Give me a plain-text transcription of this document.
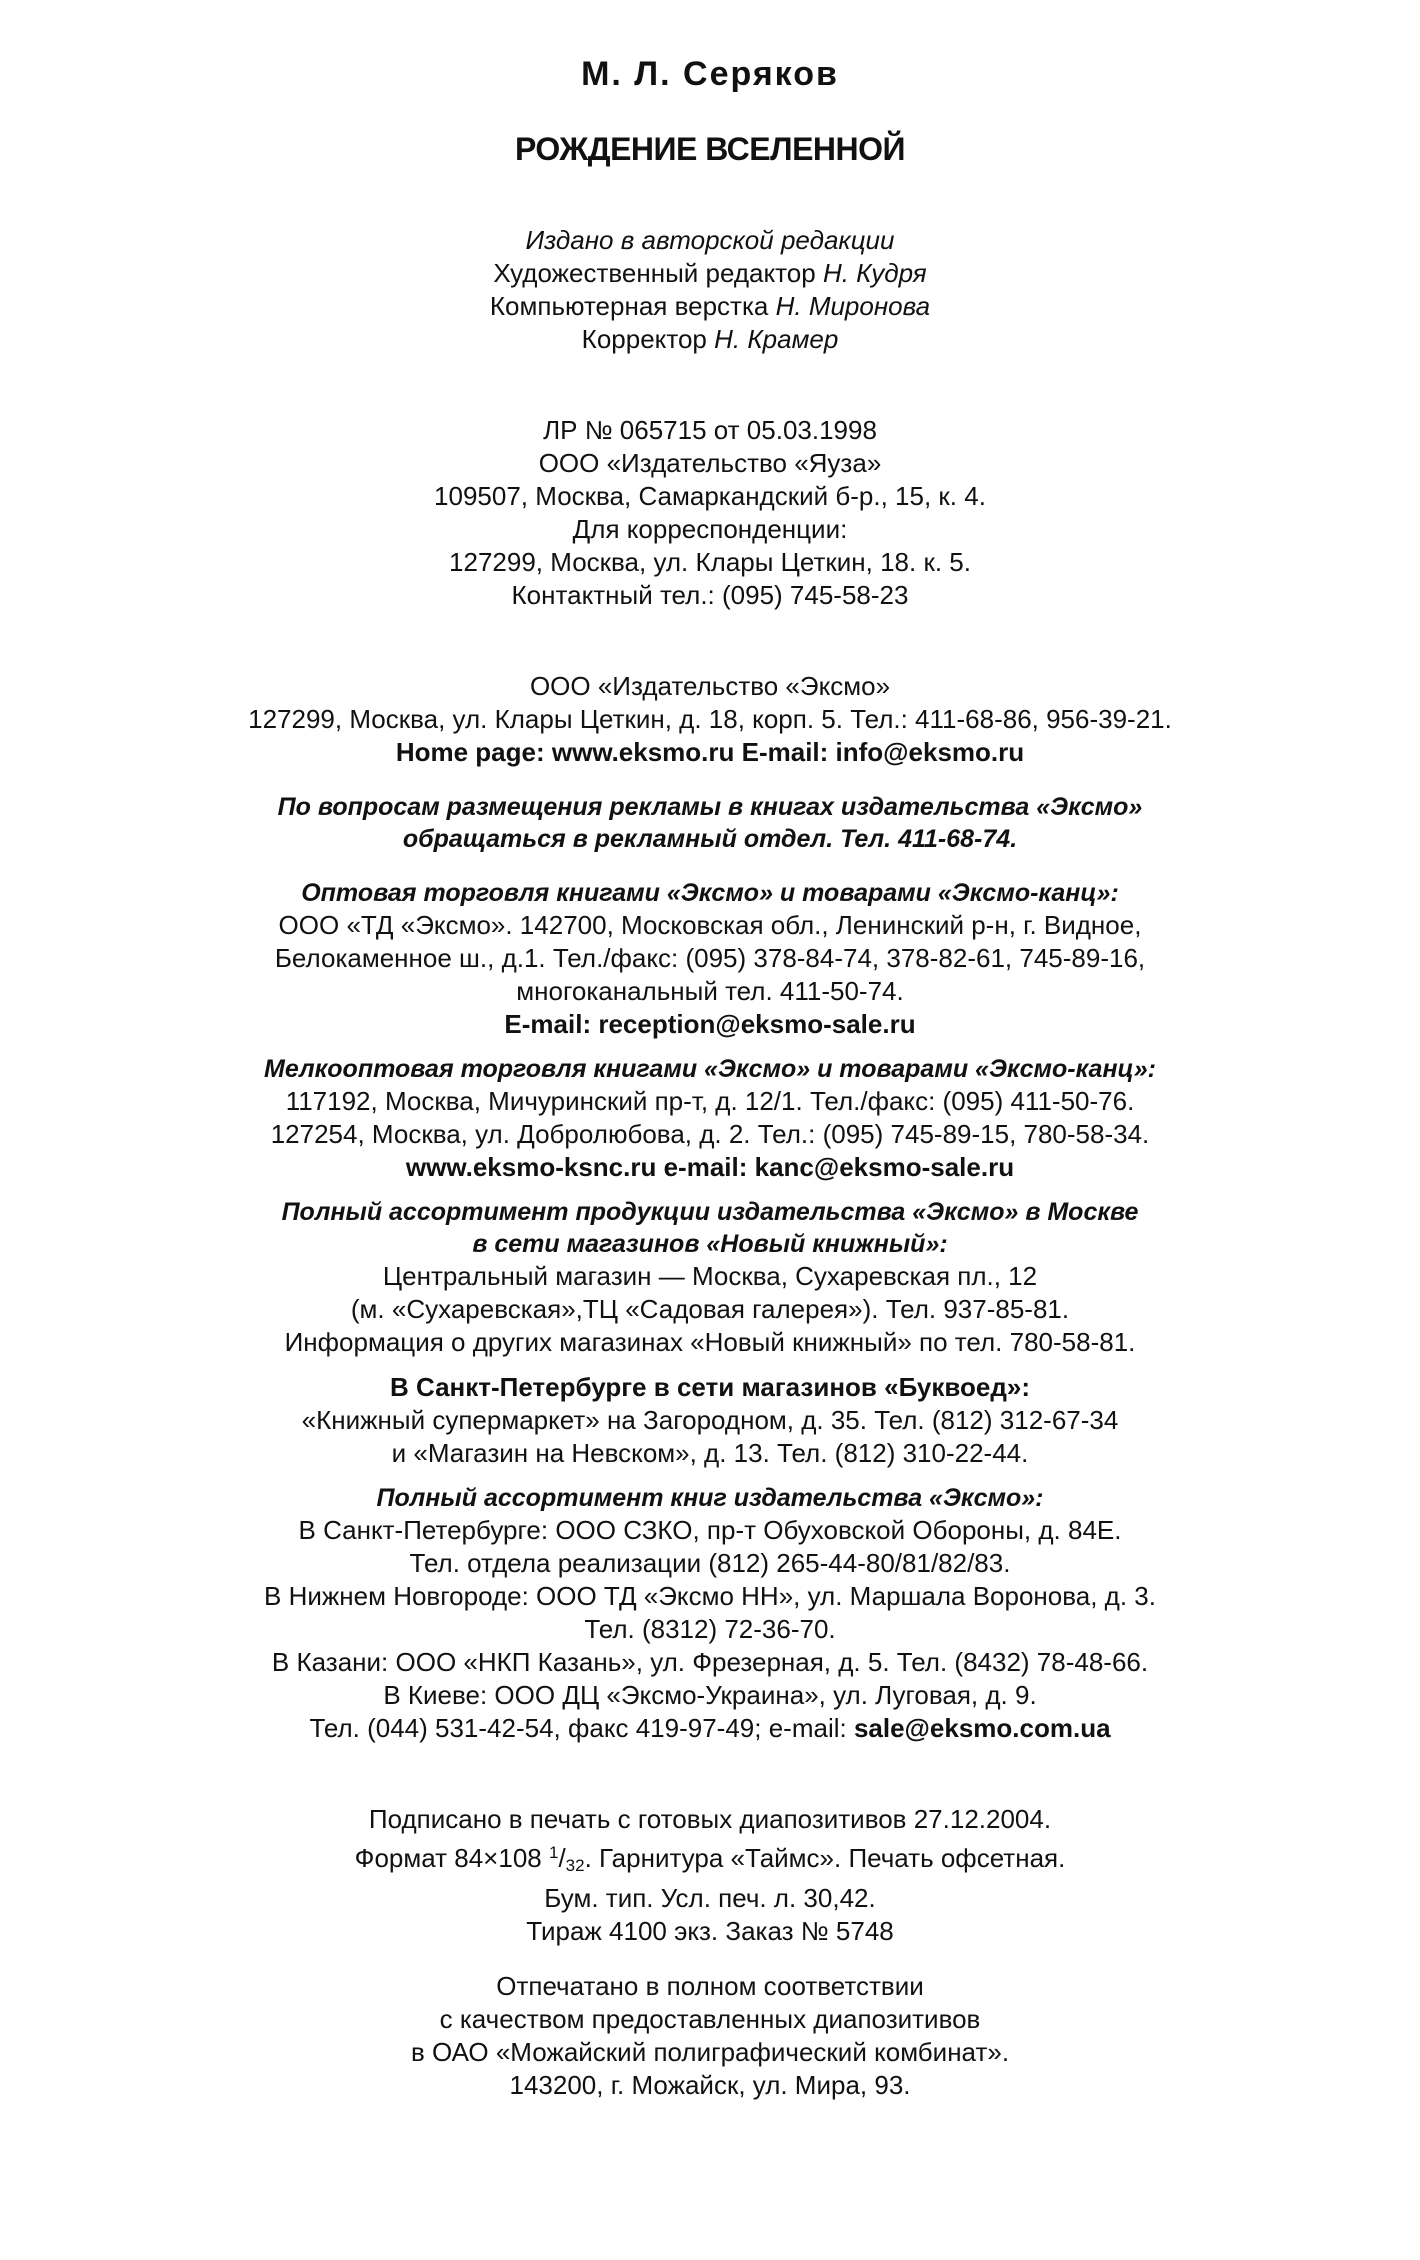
М. Л. Серяков
РОЖДЕНИЕ ВСЕЛЕННОЙ
Издано в авторской редакции
Художественный редактор Н. Кудря
Компьютерная верстка Н. Миронова
Корректор Н. Крамер
ЛР № 065715 от 05.03.1998
ООО «Издательство «Яуза»
109507, Москва, Самаркандский б-р., 15, к. 4.
Для корреспонденции:
127299, Москва, ул. Клары Цеткин, 18. к. 5.
Контактный тел.: (095) 745-58-23
ООО «Издательство «Эксмо»
127299, Москва, ул. Клары Цеткин, д. 18, корп. 5. Тел.: 411-68-86, 956-39-21.
Home page: www.eksmo.ru E-mail: info@eksmo.ru
По вопросам размещения рекламы в книгах издательства «Эксмо»
обращаться в рекламный отдел. Тел. 411-68-74.
Оптовая торговля книгами «Эксмо» и товарами «Эксмо-канц»:
ООО «ТД «Эксмо». 142700, Московская обл., Ленинский р-н, г. Видное,
Белокаменное ш., д.1. Тел./факс: (095) 378-84-74, 378-82-61, 745-89-16,
многоканальный тел. 411-50-74.
E-mail: reception@eksmo-sale.ru
Мелкооптовая торговля книгами «Эксмо» и товарами «Эксмо-канц»:
117192, Москва, Мичуринский пр-т, д. 12/1. Тел./факс: (095) 411-50-76.
127254, Москва, ул. Добролюбова, д. 2. Тел.: (095) 745-89-15, 780-58-34.
www.eksmo-ksnc.ru e-mail: kanc@eksmo-sale.ru
Полный ассортимент продукции издательства «Эксмо» в Москве
в сети магазинов «Новый книжный»:
Центральный магазин — Москва, Сухаревская пл., 12
(м. «Сухаревская»,ТЦ «Садовая галерея»). Тел. 937-85-81.
Информация о других магазинах «Новый книжный» по тел. 780-58-81.
В Санкт-Петербурге в сети магазинов «Буквоед»:
«Книжный супермаркет» на Загородном, д. 35. Тел. (812) 312-67-34
и «Магазин на Невском», д. 13. Тел. (812) 310-22-44.
Полный ассортимент книг издательства «Эксмо»:
В Санкт-Петербурге: ООО СЗКО, пр-т Обуховской Обороны, д. 84Е.
Тел. отдела реализации (812) 265-44-80/81/82/83.
В Нижнем Новгороде: ООО ТД «Эксмо НН», ул. Маршала Воронова, д. 3.
Тел. (8312) 72-36-70.
В Казани: ООО «НКП Казань», ул. Фрезерная, д. 5. Тел. (8432) 78-48-66.
В Киеве: ООО ДЦ «Эксмо-Украина», ул. Луговая, д. 9.
Тел. (044) 531-42-54, факс 419-97-49; e-mail: sale@eksmo.com.ua
Подписано в печать с готовых диапозитивов 27.12.2004.
Формат 84×108 $^1/_{32}$. Гарнитура «Таймс». Печать офсетная.
Бум. тип. Усл. печ. л. 30,42.
Тираж 4100 экз. Заказ № 5748
Отпечатано в полном соответствии
с качеством предоставленных диапозитивов
в ОАО «Можайский полиграфический комбинат».
143200, г. Можайск, ул. Мира, 93.
